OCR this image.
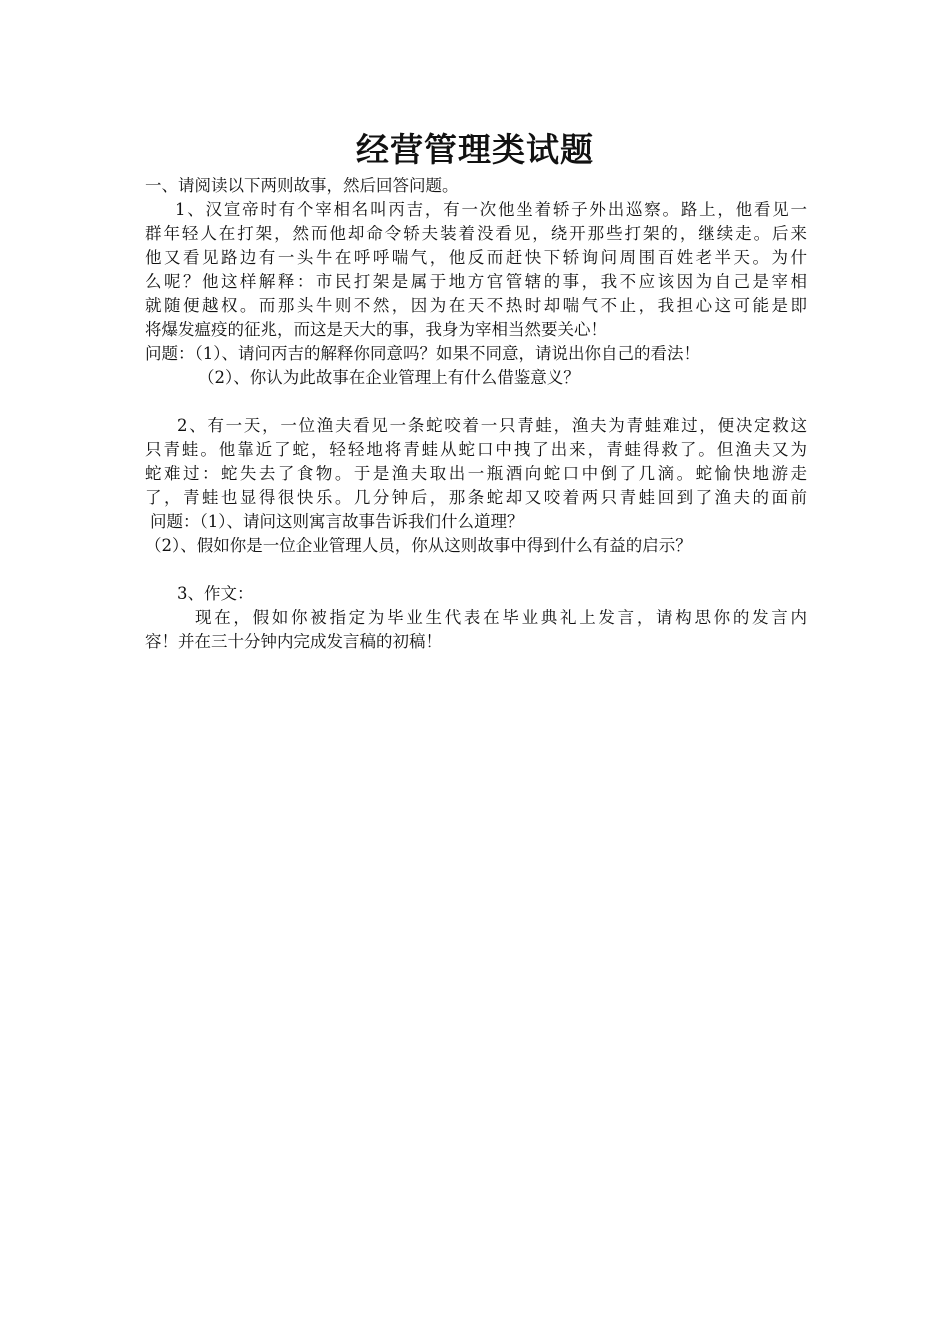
经营管理类试题
一、请阅读以下两则故事，然后回答问题。
1、汉宣帝时有个宰相名叫丙吉，有一次他坐着轿子外出巡察。路上，他看见一
群年轻人在打架，然而他却命令轿夫装着没看见，绕开那些打架的，继续走。后来
他又看见路边有一头牛在呼呼喘气，他反而赶快下轿询问周围百姓老半天。为什
么呢？他这样解释：市民打架是属于地方官管辖的事，我不应该因为自己是宰相
就随便越权。而那头牛则不然，因为在天不热时却喘气不止，我担心这可能是即
将爆发瘟疫的征兆，而这是天大的事，我身为宰相当然要关心！
问题：（1）、请问丙吉的解释你同意吗？如果不同意，请说出你自己的看法！
（2）、你认为此故事在企业管理上有什么借鉴意义？
2、有一天，一位渔夫看见一条蛇咬着一只青蛙，渔夫为青蛙难过，便决定救这
只青蛙。他靠近了蛇，轻轻地将青蛙从蛇口中拽了出来，青蛙得救了。但渔夫又为
蛇难过：蛇失去了食物。于是渔夫取出一瓶酒向蛇口中倒了几滴。蛇愉快地游走
了，青蛙也显得很快乐。几分钟后，那条蛇却又咬着两只青蛙回到了渔夫的面前
问题：（1）、请问这则寓言故事告诉我们什么道理？
（2）、假如你是一位企业管理人员，你从这则故事中得到什么有益的启示？
3、作文：
现在，假如你被指定为毕业生代表在毕业典礼上发言，请构思你的发言内
容！并在三十分钟内完成发言稿的初稿！
